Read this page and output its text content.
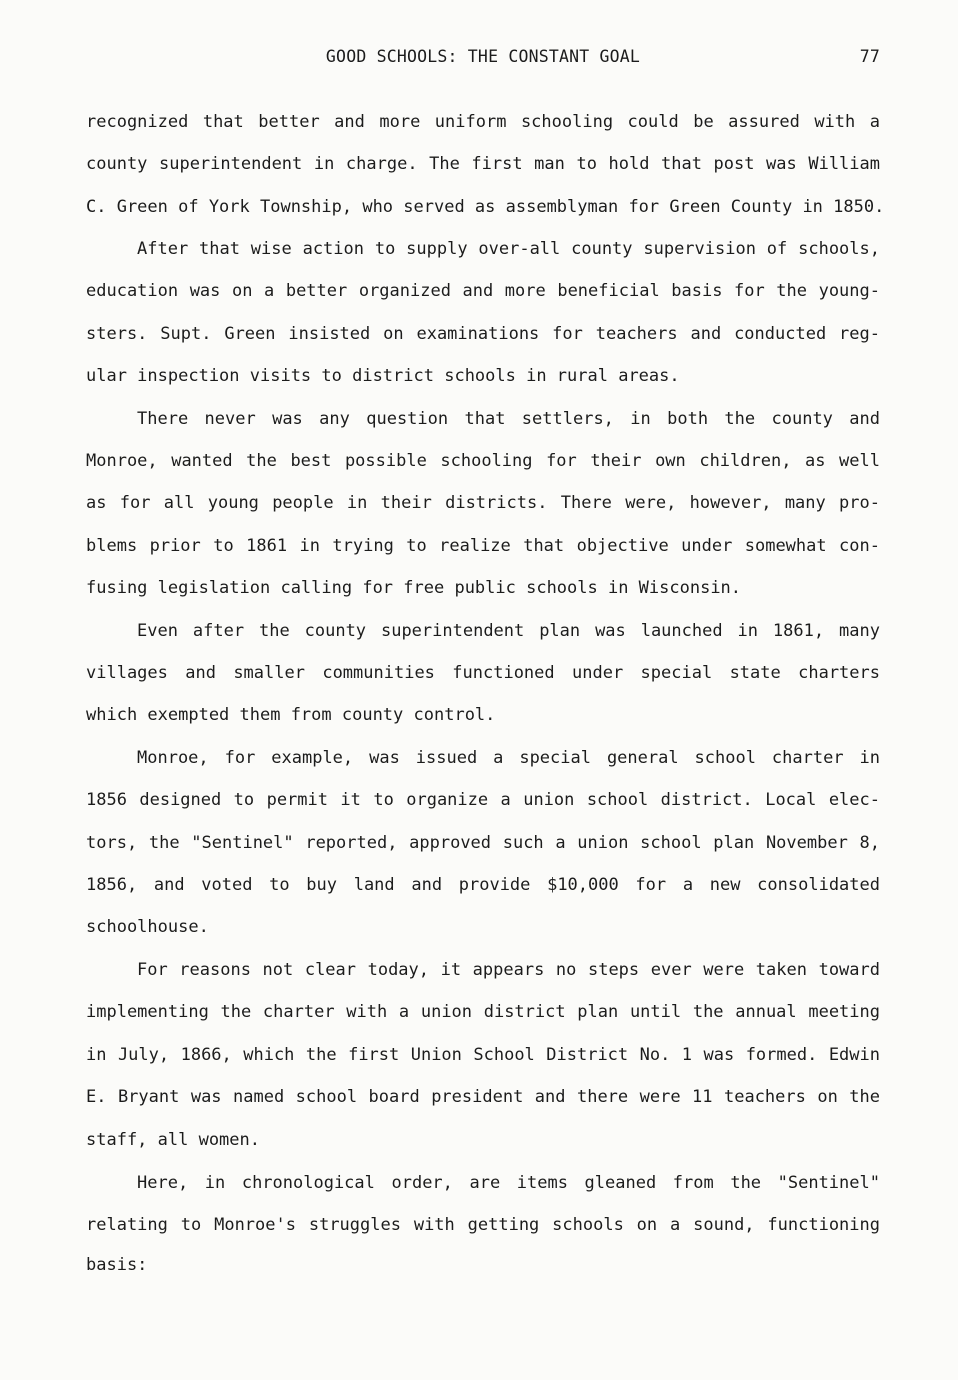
GOOD SCHOOLS: THE CONSTANT GOAL	77
recognized that better and more uniform schooling could be assured with a
county superintendent in charge. The first man to hold that post was William
C. Green of York Township, who served as assemblyman for Green County in 1850.
After that wise action to supply over-all county supervision of schools,
education was on a better organized and more beneficial basis for the young-
sters. Supt. Green insisted on examinations for teachers and conducted reg-
ular inspection visits to district schools in rural areas.
There never was any question that settlers, in both the county and
Monroe, wanted the best possible schooling for their own children, as well
as for all young people in their districts. There were, however, many pro-
blems prior to 1861 in trying to realize that objective under somewhat con-
fusing legislation calling for free public schools in Wisconsin.
Even after the county superintendent plan was launched in 1861, many
villages and smaller communities functioned under special state charters
which exempted them from county control.
Monroe, for example, was issued a special general school charter in
1856 designed to permit it to organize a union school district. Local elec-
tors, the "Sentinel" reported, approved such a union school plan November 8,
1856, and voted to buy land and provide $10,000 for a new consolidated
schoolhouse.
For reasons not clear today, it appears no steps ever were taken toward
implementing the charter with a union district plan until the annual meeting
in July, 1866, which the first Union School District No. 1 was formed. Edwin
E. Bryant was named school board president and there were 11 teachers on the
staff, all women.
Here, in chronological order, are items gleaned from the "Sentinel"
relating to Monroe's struggles with getting schools on a sound, functioning
basis:
